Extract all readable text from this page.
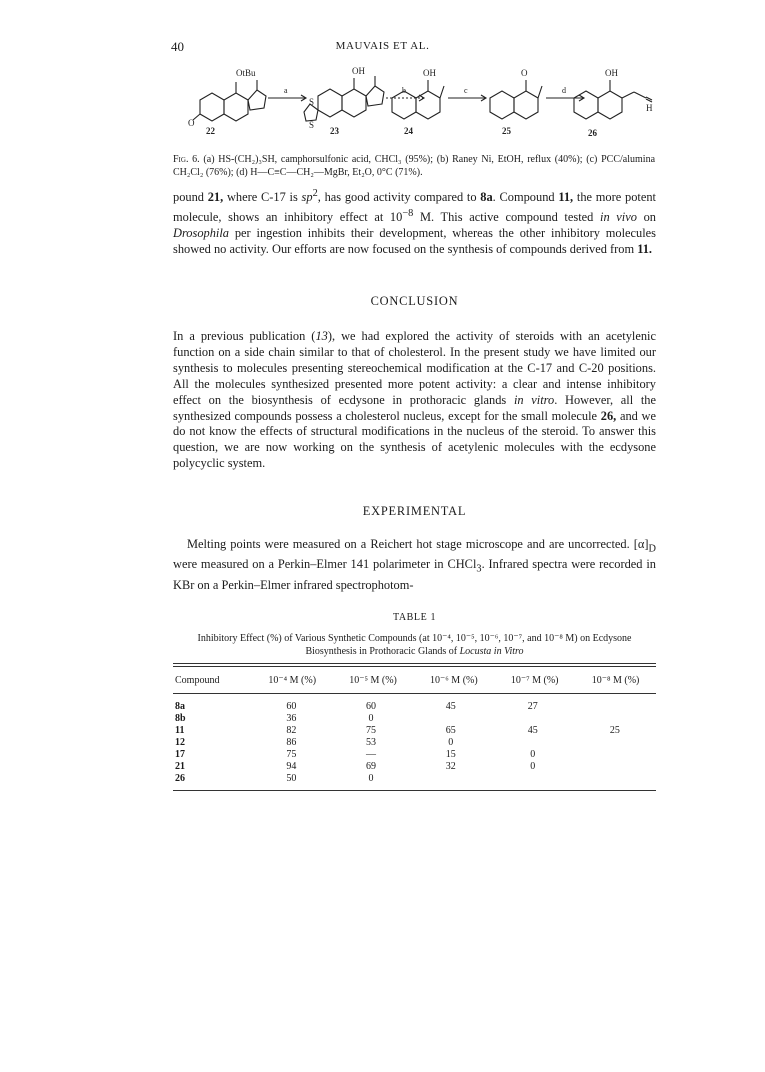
40	MAUVAIS ET AL.
OtBu	OH	OH	O	OH
O
S
S
H
a	b	c	d
22	23	24	25	26
Fig. 6. (a) HS-(CH₂)₃SH, camphorsulfonic acid, CHCl₃ (95%); (b) Raney Ni, EtOH, reflux (40%); (c) PCC/alumina CH₂Cl₂ (76%); (d) H—C≡C—CH₂—MgBr, Et₂O, 0°C (71%).
pound 21, where C-17 is $sp^2$, has good activity compared to 8a. Compound 11, the more potent molecule, shows an inhibitory effect at $10^{-8}$ M. This active compound tested in vivo on Drosophila per ingestion inhibits their development, whereas the other inhibitory molecules showed no activity. Our efforts are now focused on the synthesis of compounds derived from 11.
CONCLUSION
In a previous publication (13), we had explored the activity of steroids with an acetylenic function on a side chain similar to that of cholesterol. In the present study we have limited our synthesis to molecules presenting stereochemical modification at the C-17 and C-20 positions. All the molecules synthesized presented more potent activity: a clear and intense inhibitory effect on the biosynthesis of ecdysone in prothoracic glands in vitro. However, all the synthesized compounds possess a cholesterol nucleus, except for the small molecule 26, and we do not know the effects of structural modifications in the nucleus of the steroid. To answer this question, we are now working on the synthesis of acetylenic molecules with the ecdysone polycyclic system.
EXPERIMENTAL
Melting points were measured on a Reichert hot stage microscope and are uncorrected. $[\alpha]_D$ were measured on a Perkin–Elmer 141 polarimeter in CHCl$_3$. Infrared spectra were recorded in KBr on a Perkin–Elmer infrared spectrophotom-
TABLE 1
Inhibitory Effect (%) of Various Synthetic Compounds (at 10⁻⁴, 10⁻⁵, 10⁻⁶, 10⁻⁷, and 10⁻⁸ M) on Ecdysone Biosynthesis in Prothoracic Glands of Locusta in Vitro
Compound	10⁻⁴ M (%)	10⁻⁵ M (%)	10⁻⁶ M (%)	10⁻⁷ M (%)	10⁻⁸ M (%)
8a	60	60	45	27	
8b	36	0			
11	82	75	65	45	25
12	86	53	0		
17	75	—	15	0	
21	94	69	32	0	
26	50	0			
